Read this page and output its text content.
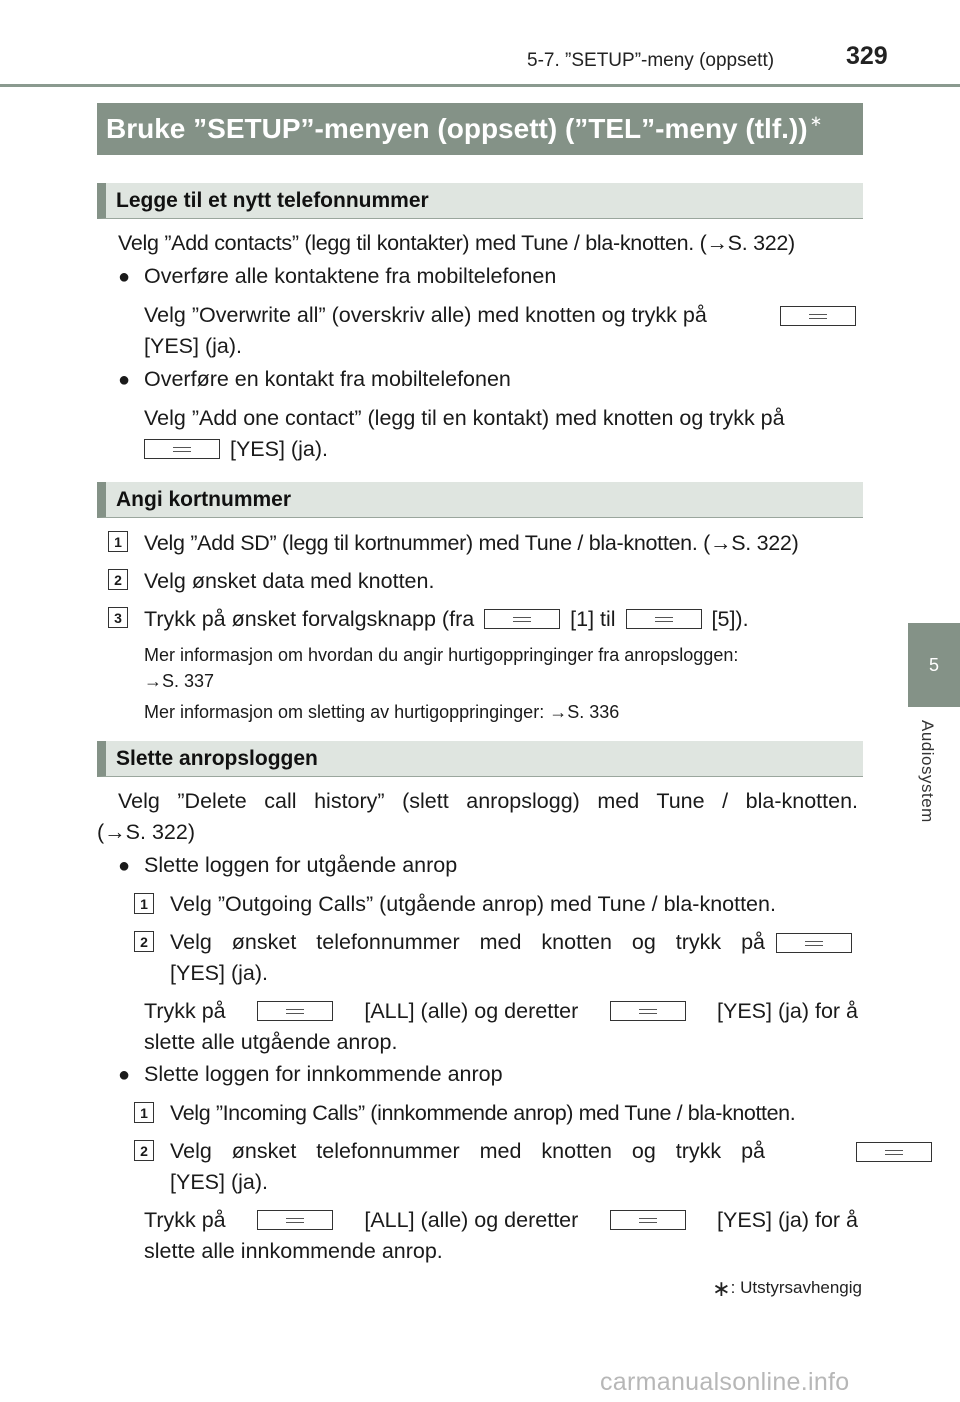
5-7. ”SETUP”-meny (oppsett)	329
5
Audiosystem
Bruke ”SETUP”-menyen (oppsett) (”TEL”-meny (tlf.))∗
Legge til et nytt telefonnummer
Velg ”Add contacts” (legg til kontakter) med Tune / bla-knotten. (→S. 322)
● Overføre alle kontaktene fra mobiltelefonen
Velg ”Overwrite all” (overskriv alle) med knotten og trykk på
[YES] (ja).
● Overføre en kontakt fra mobiltelefonen
Velg ”Add one contact” (legg til en kontakt) med knotten og trykk på
[YES] (ja).
Angi kortnummer
1 Velg ”Add SD” (legg til kortnummer) med Tune / bla-knotten. (→S. 322)
2 Velg ønsket data med knotten.
3 Trykk på ønsket forvalgsknapp (fra	[1] til	[5]).
Mer informasjon om hvordan du angir hurtigoppringinger fra anropsloggen:
→S. 337
Mer informasjon om sletting av hurtigoppringinger: →S. 336
Slette anropsloggen
Velg ”Delete call history” (slett anropslogg) med Tune / bla-knotten.
(→S. 322)
● Slette loggen for utgående anrop
1 Velg ”Outgoing Calls” (utgående anrop) med Tune / bla-knotten.
2 Velg ønsket telefonnummer med knotten og trykk på

[YES] (ja).
Trykk på	[ALL] (alle) og deretter	[YES] (ja) for å
slette alle utgående anrop.
● Slette loggen for innkommende anrop
1 Velg ”Incoming Calls” (innkommende anrop) med Tune / bla-knotten.
2 Velg ønsket telefonnummer med knotten og trykk på
[YES] (ja).
Trykk på	[ALL] (alle) og deretter	[YES] (ja) for å
slette alle innkommende anrop.
∗: Utstyrsavhengig
carmanualsonline.info
